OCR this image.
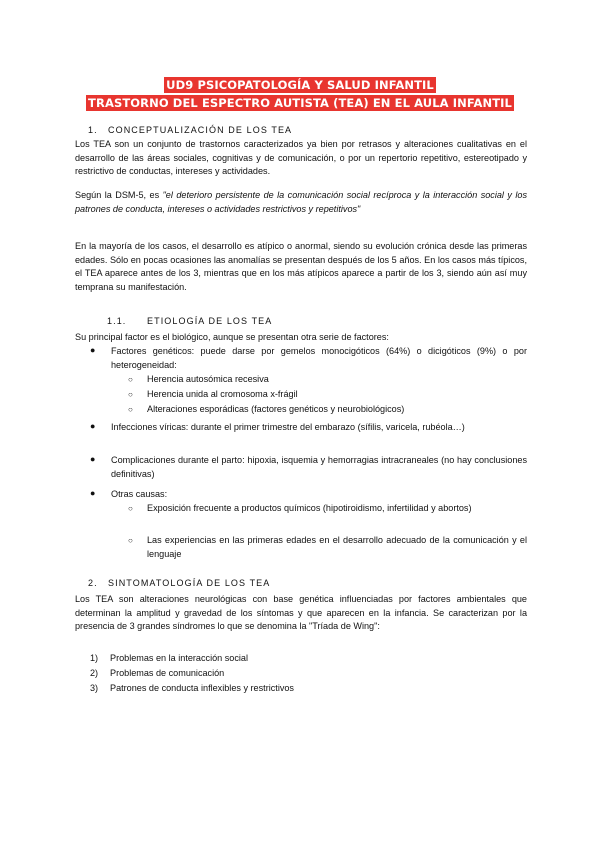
UD9 PSICOPATOLOGÍA Y SALUD INFANTIL
TRASTORNO DEL ESPECTRO AUTISTA (TEA) EN EL AULA INFANTIL
1. CONCEPTUALIZACIÓN DE LOS TEA
Los TEA son un conjunto de trastornos caracterizados ya bien por retrasos y alteraciones cualitativas en el desarrollo de las áreas sociales, cognitivas y de comunicación, o por un repertorio repetitivo, estereotipado y restrictivo de conductas, intereses y actividades.
Según la DSM-5, es "el deterioro persistente de la comunicación social recíproca y la interacción social y los patrones de conducta, intereses o actividades restrictivos y repetitivos"
En la mayoría de los casos, el desarrollo es atípico o anormal, siendo su evolución crónica desde las primeras edades. Sólo en pocas ocasiones las anomalías se presentan después de los 5 años. En los casos más típicos, el TEA aparece antes de los 3, mientras que en los más atípicos aparece a partir de los 3, siendo aún así muy temprana su manifestación.
1.1. ETIOLOGÍA DE LOS TEA
Su principal factor es el biológico, aunque se presentan otra serie de factores:
● Factores genéticos: puede darse por gemelos monocigóticos (64%) o dicigóticos (9%) o por heterogeneidad:
○ Herencia autosómica recesiva
○ Herencia unida al cromosoma x-frágil
○ Alteraciones esporádicas (factores genéticos y neurobiológicos)
● Infecciones víricas: durante el primer trimestre del embarazo (sífilis, varicela, rubéola…)
● Complicaciones durante el parto: hipoxia, isquemia y hemorragias intracraneales (no hay conclusiones definitivas)
● Otras causas:
○ Exposición frecuente a productos químicos (hipotiroidismo, infertilidad y abortos)
○ Las experiencias en las primeras edades en el desarrollo adecuado de la comunicación y el lenguaje
2. SINTOMATOLOGÍA DE LOS TEA
Los TEA son alteraciones neurológicas con base genética influenciadas por factores ambientales que determinan la amplitud y gravedad de los síntomas y que aparecen en la infancia. Se caracterizan por la presencia de 3 grandes síndromes lo que se denomina la "Tríada de Wing":
1) Problemas en la interacción social
2) Problemas de comunicación
3) Patrones de conducta inflexibles y restrictivos
